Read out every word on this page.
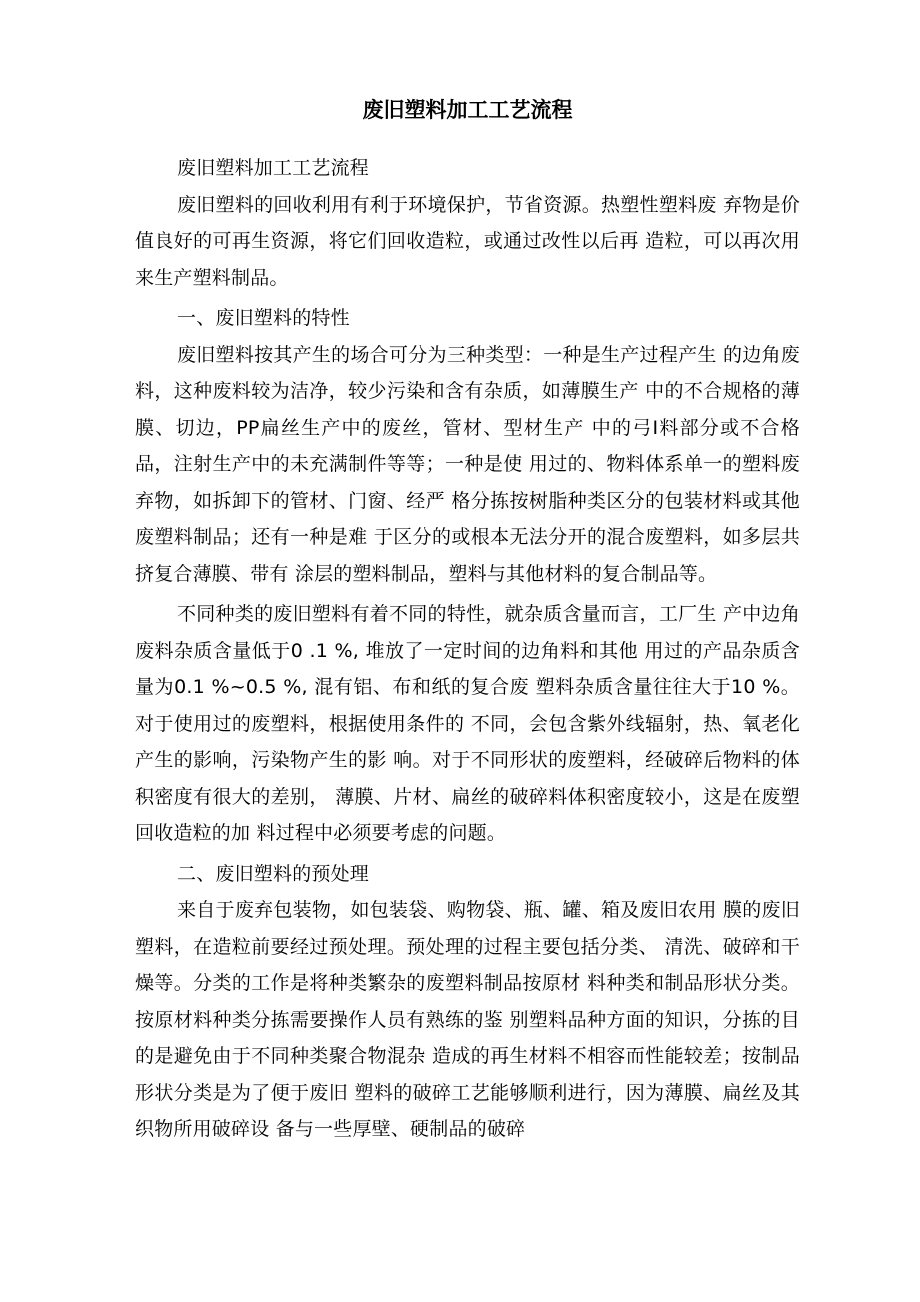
废旧塑料加工工艺流程

废旧塑料加工工艺流程

废旧塑料的回收利用有利于环境保护，节省资源。热塑性塑料废 弃物是价值良好的可再生资源，将它们回收造粒，或通过改性以后再 造粒，可以再次用来生产塑料制品。

一、废旧塑料的特性

废旧塑料按其产生的场合可分为三种类型：一种是生产过程产生 的边角废料，这种废料较为洁净，较少污染和含有杂质，如薄膜生产 中的不合规格的薄膜、切边，PP扁丝生产中的废丝，管材、型材生产 中的弓I料部分或不合格品，注射生产中的未充满制件等等；一种是使 用过的、物料体系单一的塑料废弃物，如拆卸下的管材、门窗、经严 格分拣按树脂种类区分的包装材料或其他废塑料制品；还有一种是难 于区分的或根本无法分开的混合废塑料，如多层共挤复合薄膜、带有 涂层的塑料制品，塑料与其他材料的复合制品等。

不同种类的废旧塑料有着不同的特性，就杂质含量而言，工厂生 产中边角废料杂质含量低于0 .1 %, 堆放了一定时间的边角料和其他 用过的产品杂质含量为0.1 %~0.5 %, 混有铝、布和纸的复合废 塑料杂质含量往往大于10 %。对于使用过的废塑料，根据使用条件的 不同，会包含紫外线辐射，热、氧老化产生的影响，污染物产生的影 响。对于不同形状的废塑料，经破碎后物料的体积密度有很大的差别， 薄膜、片材、扁丝的破碎料体积密度较小，这是在废塑回收造粒的加 料过程中必须要考虑的问题。

二、废旧塑料的预处理

来自于废弃包装物，如包装袋、购物袋、瓶、罐、箱及废旧农用 膜的废旧塑料，在造粒前要经过预处理。预处理的过程主要包括分类、 清洗、破碎和干燥等。分类的工作是将种类繁杂的废塑料制品按原材 料种类和制品形状分类。按原材料种类分拣需要操作人员有熟练的鉴 别塑料品种方面的知识，分拣的目的是避免由于不同种类聚合物混杂 造成的再生材料不相容而性能较差；按制品形状分类是为了便于废旧 塑料的破碎工艺能够顺利进行，因为薄膜、扁丝及其织物所用破碎设 备与一些厚壁、硬制品的破碎
